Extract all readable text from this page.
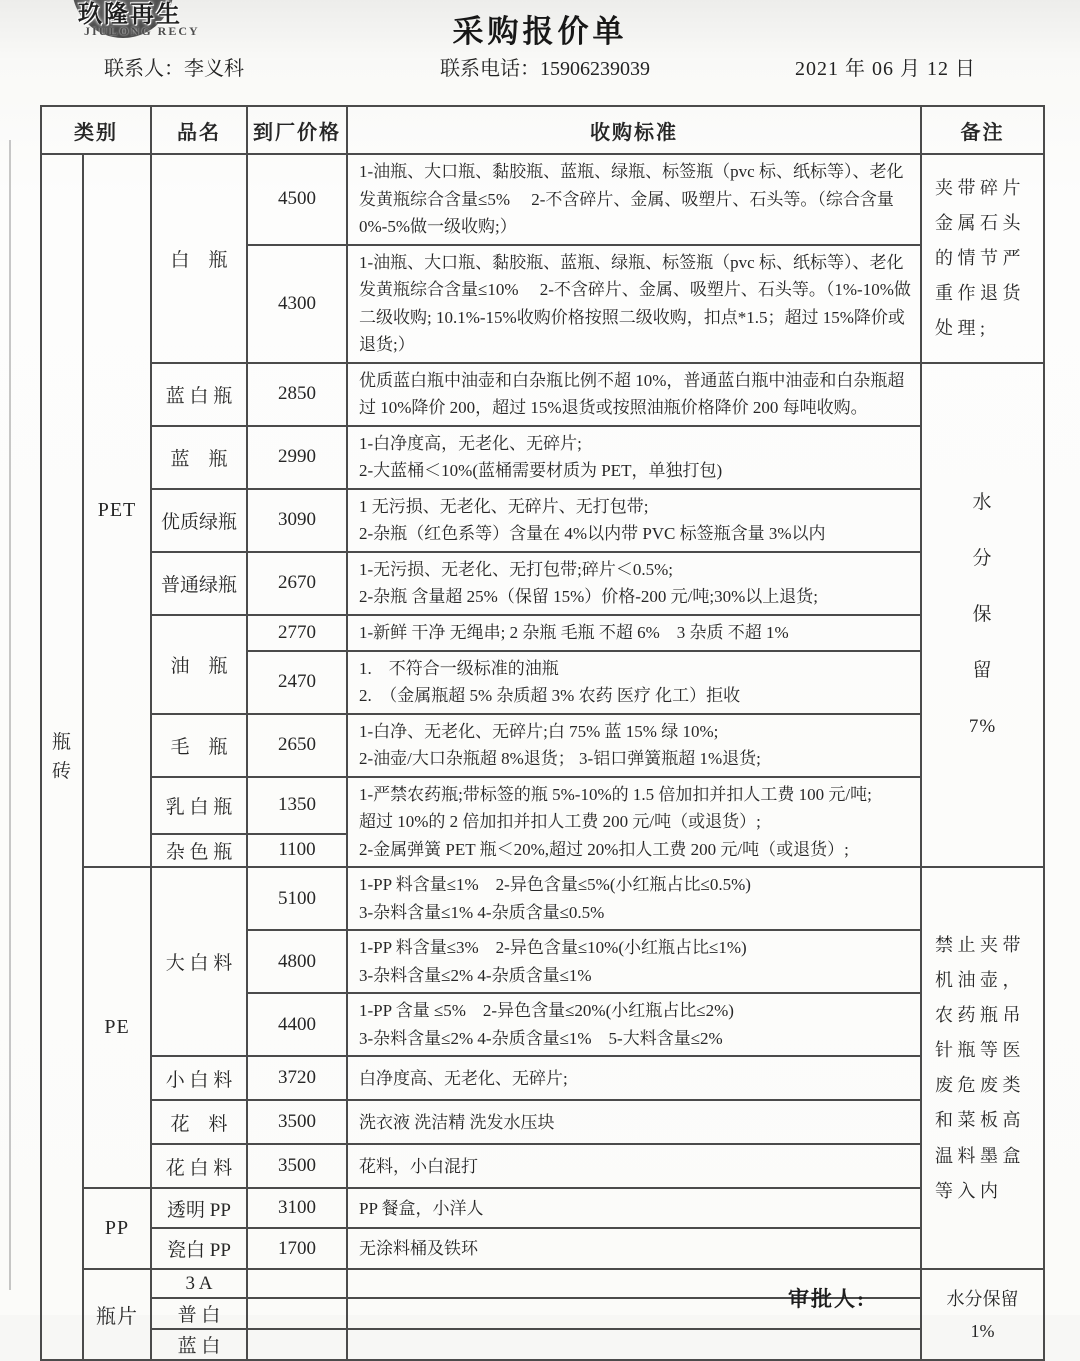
玖隆再生
JIULONG RECY	采购报价单
联系人：李义科	联系电话：15906239039	2021 年 06 月 12 日
类别		品名	到厂价格	收购标准	备注
瓶
砖	PET	白　瓶	4500	1-油瓶、大口瓶、黏胶瓶、蓝瓶、绿瓶、标签瓶（pvc 标、纸标等）、老化发黄瓶综合含量≤5%　 2-不含碎片、金属、吸塑片、石头等。（综合含量 0%-5%做一级收购;）	夹带碎片金属石头的情节严重作退货处理;
			4300	1-油瓶、大口瓶、黏胶瓶、蓝瓶、绿瓶、标签瓶（pvc 标、纸标等）、老化发黄瓶综合含量≤10%　 2-不含碎片、金属、吸塑片、石头等。（1%-10%做二级收购; 10.1%-15%收购价格按照二级收购，扣点*1.5；超过 15%降价或退货;）	
		蓝 白 瓶	2850	优质蓝白瓶中油壶和白杂瓶比例不超 10%，普通蓝白瓶中油壶和白杂瓶超过 10%降价 200，超过 15%退货或按照油瓶价格降价 200 每吨收购。	水
分
保
留
7%
		蓝　瓶	2990	1-白净度高，无老化、无碎片;
2-大蓝桶＜10%(蓝桶需要材质为 PET，单独打包)	
		优质绿瓶	3090	1 无污损、无老化、无碎片、无打包带;
2-杂瓶（红色系等）含量在 4%以内带 PVC 标签瓶含量 3%以内	
		普通绿瓶	2670	1-无污损、无老化、无打包带;碎片＜0.5%;
2-杂瓶 含量超 25%（保留 15%）价格-200 元/吨;30%以上退货;	
		油　瓶	2770	1-新鲜 干净 无绳串; 2 杂瓶 毛瓶 不超 6%　3 杂质 不超 1%	
			2470	1.　不符合一级标准的油瓶
2.　（金属瓶超 5% 杂质超 3% 农药 医疗 化工）拒收	
		毛　瓶	2650	1-白净、无老化、无碎片;白 75% 蓝 15% 绿 10%;
2-油壶/大口杂瓶超 8%退货； 3-铝口弹簧瓶超 1%退货;	
		乳 白 瓶	1350	1-严禁农药瓶;带标签的瓶 5%-10%的 1.5 倍加扣并扣人工费 100 元/吨;
超过 10%的 2 倍加扣并扣人工费 200 元/吨（或退货）;
2-金属弹簧 PET 瓶＜20%,超过 20%扣人工费 200 元/吨（或退货）;	
		杂 色 瓶	1100		
	PE	大 白 料	5100	1-PP 料含量≤1%　2-异色含量≤5%(小红瓶占比≤0.5%)
3-杂料含量≤1% 4-杂质含量≤0.5%	禁止夹带机油壶，农药瓶吊针瓶等医废危废类和菜板高温料墨盒等入内
			4800	1-PP 料含量≤3%　2-异色含量≤10%(小红瓶占比≤1%)
3-杂料含量≤2% 4-杂质含量≤1%	
			4400	1-PP 含量 ≤5%　2-异色含量≤20%(小红瓶占比≤2%)
3-杂料含量≤2% 4-杂质含量≤1%　5-大料含量≤2%	
		小 白 料	3720	白净度高、无老化、无碎片;	
		花　料	3500	洗衣液 洗洁精 洗发水压块	
		花 白 料	3500	花料，小白混打	
	PP	透明 PP	3100	PP 餐盒，小洋人	
		瓷白 PP	1700	无涂料桶及铁环	
	瓶片	3 A			水分保留
1%
		普 白			
		蓝 白			
审批人:
